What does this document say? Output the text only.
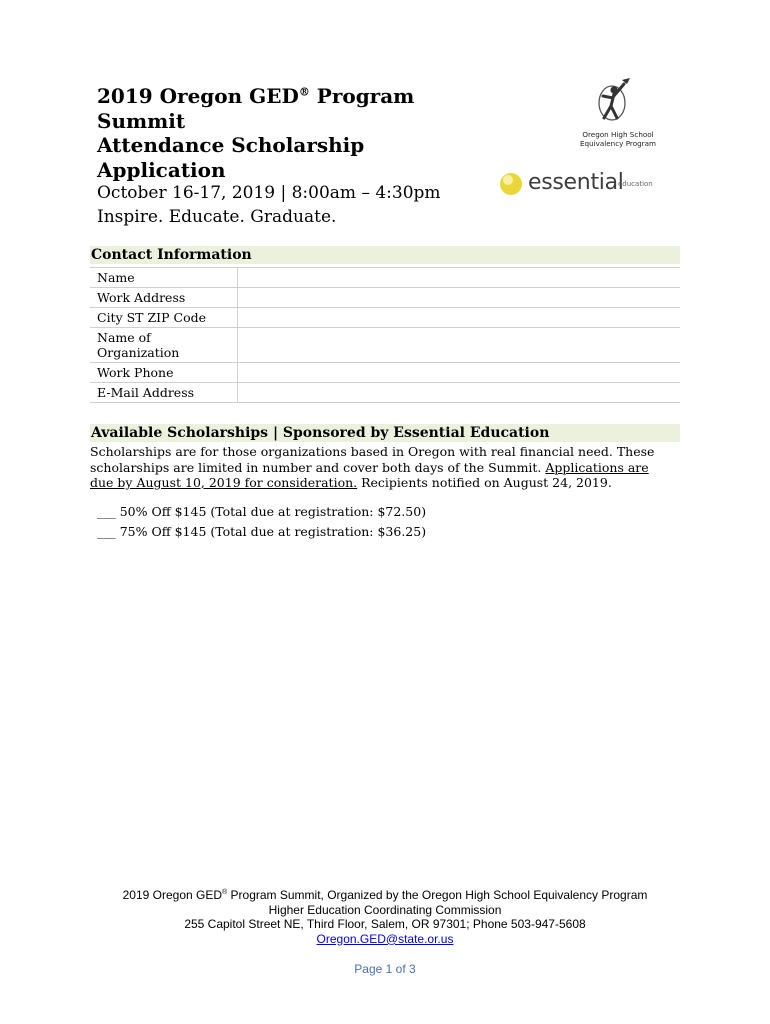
2019 Oregon GED® Program
Summit
Attendance Scholarship
Application
October 16-17, 2019 | 8:00am – 4:30pm
Inspire. Educate. Graduate.
Oregon High School
Equivalency Program
essential
education
Contact Information
Name	
Work Address	
City ST ZIP Code	
Name of Organization	
Work Phone	
E-Mail Address	
Available Scholarships | Sponsored by Essential Education
Scholarships are for those organizations based in Oregon with real financial need. These scholarships are limited in number and cover both days of the Summit. Applications are due by August 10, 2019 for consideration. Recipients notified on August 24, 2019.
___ 50% Off $145 (Total due at registration: $72.50)
___ 75% Off $145 (Total due at registration: $36.25)
2019 Oregon GED® Program Summit, Organized by the Oregon High School Equivalency Program
Higher Education Coordinating Commission
255 Capitol Street NE, Third Floor, Salem, OR 97301; Phone 503-947-5608
Oregon.GED@state.or.us
Page 1 of 3
